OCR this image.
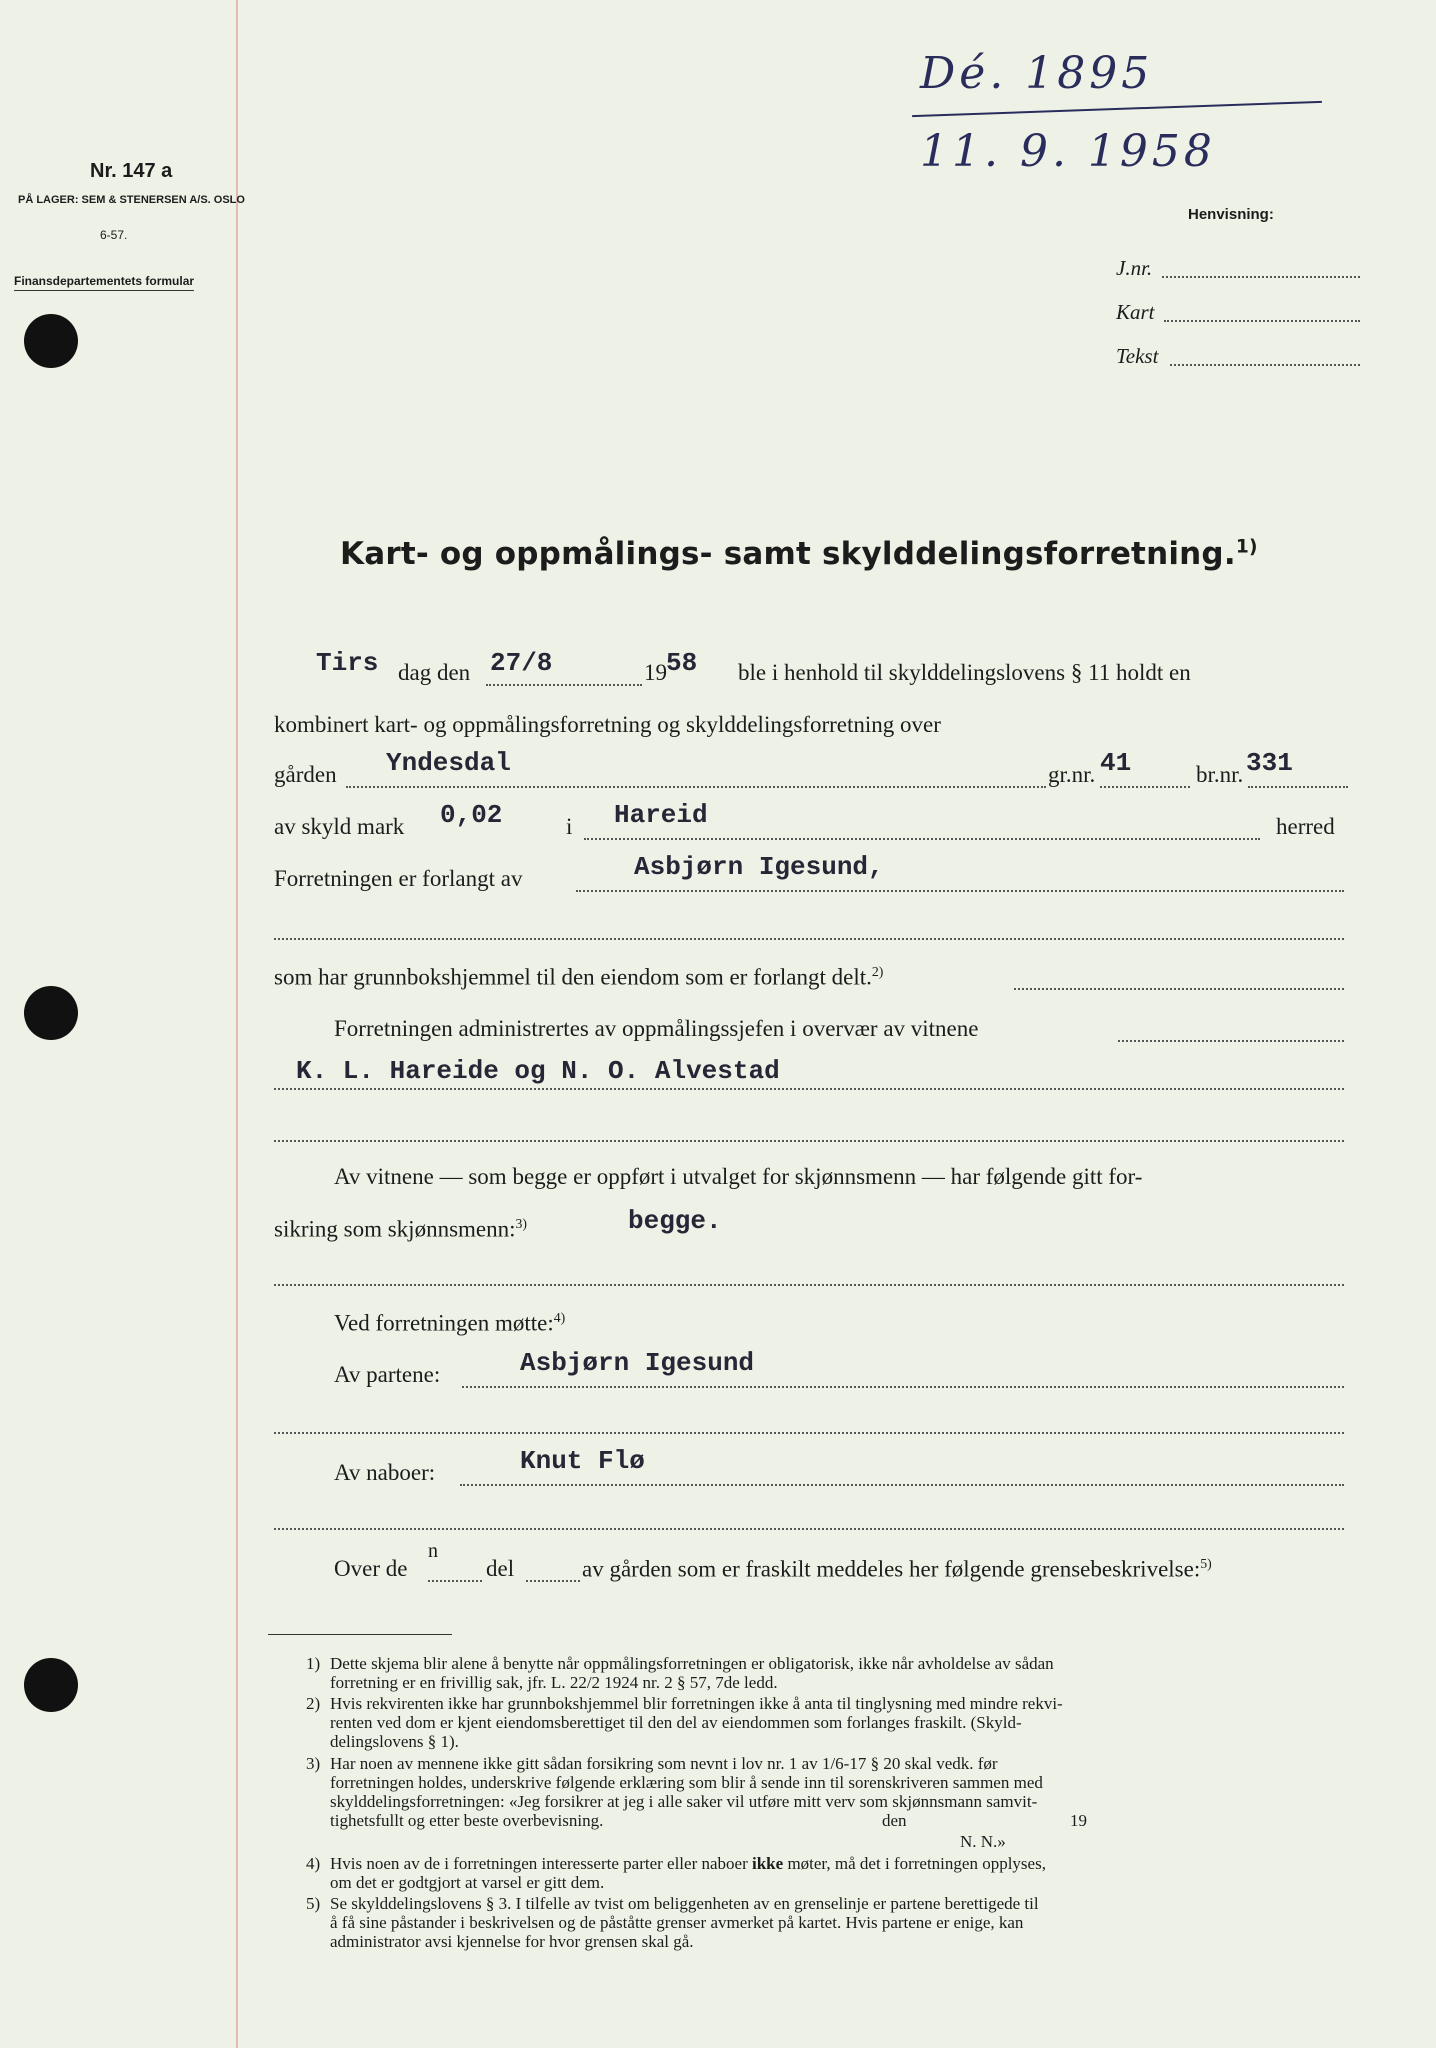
Nr. 147 a
PÅ LAGER: SEM & STENERSEN A/S. OSLO
6-57.
Finansdepartementets formular
Dé. 1895
11. 9. 1958
Henvisning:
J.nr.
Kart
Tekst
Kart- og oppmålings- samt skylddelingsforretning.$^{1)}$
Tirs dag den 27/8	19 58 ble i henhold til skylddelingslovens § 11 holdt en
kombinert kart- og oppmålingsforretning og skylddelingsforretning over
gården Yndesdal	gr.nr. 41	br.nr. 331
av skyld mark 0,02	i Hareid	herred
Forretningen er forlangt av	Asbjørn Igesund,
som har grunnbokshjemmel til den eiendom som er forlangt delt.$^{2)}$
Forretningen administrertes av oppmålingssjefen i overvær av vitnene
K. L. Hareide og N. O. Alvestad
Av vitnene — som begge er oppført i utvalget for skjønnsmenn — har følgende gitt for-
sikring som skjønnsmenn:$^{3)}$	begge.
Ved forretningen møtte:$^{4)}$
Av partene:	Asbjørn Igesund
Av naboer:	Knut Flø
Over de
n
del	av gården som er fraskilt meddeles her følgende grensebeskrivelse:$^{5)}$
1) Dette skjema blir alene å benytte når oppmålingsforretningen er obligatorisk, ikke når avholdelse av sådan
forretning er en frivillig sak, jfr. L. 22/2 1924 nr. 2 § 57, 7de ledd.
2) Hvis rekvirenten ikke har grunnbokshjemmel blir forretningen ikke å anta til tinglysning med mindre rekvi-
renten ved dom er kjent eiendomsberettiget til den del av eiendommen som forlanges fraskilt. (Skyld-
delingslovens § 1).
3) Har noen av mennene ikke gitt sådan forsikring som nevnt i lov nr. 1 av 1/6-17 § 20 skal vedk. før
forretningen holdes, underskrive følgende erklæring som blir å sende inn til sorenskriveren sammen med
skylddelingsforretningen: «Jeg forsikrer at jeg i alle saker vil utføre mitt verv som skjønnsmann samvit-
tighetsfullt og etter beste overbevisning.	den	19
N. N.»
4) Hvis noen av de i forretningen interesserte parter eller naboer ikke møter, må det i forretningen opplyses,
om det er godtgjort at varsel er gitt dem.
5) Se skylddelingslovens § 3. I tilfelle av tvist om beliggenheten av en grenselinje er partene berettigede til
å få sine påstander i beskrivelsen og de påståtte grenser avmerket på kartet. Hvis partene er enige, kan
administrator avsi kjennelse for hvor grensen skal gå.
